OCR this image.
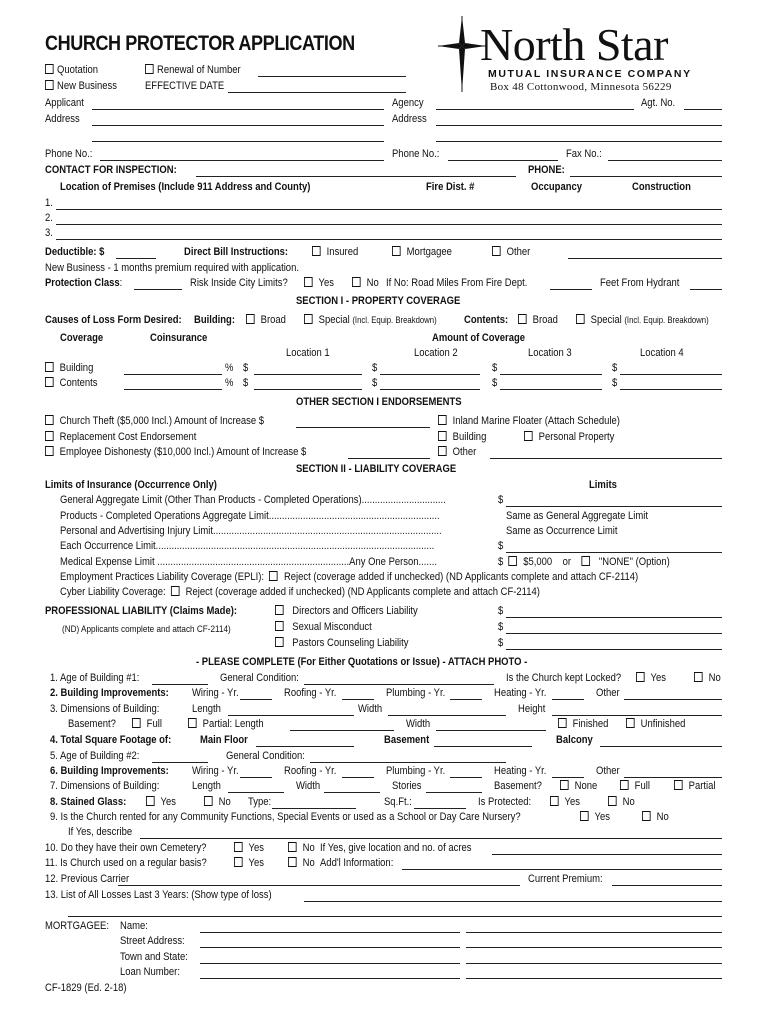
CHURCH PROTECTOR APPLICATION	North Star
MUTUAL INSURANCE COMPANY
Box 48 Cottonwood, Minnesota 56229
Quotation	Renewal of Number
New Business	EFFECTIVE DATE
Applicant	Agency	Agt. No.
Address	Address
Phone No.:	Phone No.:	Fax No.:
CONTACT FOR INSPECTION:	PHONE:
Location of Premises (Include 911 Address and County)	Fire Dist. #	Occupancy	Construction
1.
2.
3.
Deductible: $	Direct Bill Instructions:	Insured	Mortgagee	Other
New Business - 1 months premium required with application.
Protection Class:	Risk Inside City Limits?	Yes	No If No: Road Miles From Fire Dept.	Feet From Hydrant
SECTION I - PROPERTY COVERAGE
Causes of Loss Form Desired: Building:	Broad	Special (Incl. Equip. Breakdown) Contents:	Broad	Special (Incl. Equip. Breakdown)
Coverage	Coinsurance	Amount of Coverage
Location 1	Location 2	Location 3	Location 4
Building	% $	$	$	$
Contents	% $	$	$	$
OTHER SECTION I ENDORSEMENTS
Church Theft ($5,000 Incl.) Amount of Increase $	Inland Marine Floater (Attach Schedule)
Replacement Cost Endorsement	Building	Personal Property
Employee Dishonesty ($10,000 Incl.) Amount of Increase $	Other
SECTION II - LIABILITY COVERAGE
Limits of Insurance (Occurrence Only)	Limits
General Aggregate Limit (Other Than Products - Completed Operations)................................	$
Products - Completed Operations Aggregate Limit.................................................................	Same as General Aggregate Limit
Personal and Advertising Injury Limit.......................................................................................	Same as Occurrence Limit
Each Occurrence Limit..........................................................................................................	$
Medical Expense Limit .........................................................................Any One Person.......	$ $5,000 or	"NONE" (Option)
Employment Practices Liability Coverage (EPLI): Reject (coverage added if unchecked) (ND Applicants complete and attach CF-2114)
Cyber Liability Coverage: Reject (coverage added if unchecked) (ND Applicants complete and attach CF-2114)
PROFESSIONAL LIABILITY (Claims Made):	Directors and Officers Liability	$
(ND) Applicants complete and attach CF-2114)	Sexual Misconduct	$
Pastors Counseling Liability	$
- PLEASE COMPLETE (For Either Quotations or Issue) - ATTACH PHOTO -
1. Age of Building #1:	General Condition:	Is the Church kept Locked?	Yes	No
2. Building Improvements: Wiring - Yr.	Roofing - Yr.	Plumbing - Yr.	Heating - Yr.	Other
3. Dimensions of Building:	Length	Width	Height
Basement?	Full	Partial: Length	Width	Finished	Unfinished
4. Total Square Footage of:	Main Floor	Basement	Balcony
5. Age of Building #2:	General Condition:
6. Building Improvements: Wiring - Yr.	Roofing - Yr.	Plumbing - Yr.	Heating - Yr.	Other
7. Dimensions of Building:	Length	Width	Stories	Basement?	None	Full	Partial
8. Stained Glass:	Yes	No Type:	Sq.Ft.:	Is Protected:	Yes	No
9. Is the Church rented for any Community Functions, Special Events or used as a School or Day Care Nursery?	Yes	No
If Yes, describe
10. Do they have their own Cemetery?	Yes	No If Yes, give location and no. of acres
11. Is Church used on a regular basis?	Yes	No Add'l Information:
12. Previous Carrier	Current Premium:
13. List of All Losses Last 3 Years: (Show type of loss)
MORTGAGEE: Name:
Street Address:
Town and State:
Loan Number:
CF-1829 (Ed. 2-18)
